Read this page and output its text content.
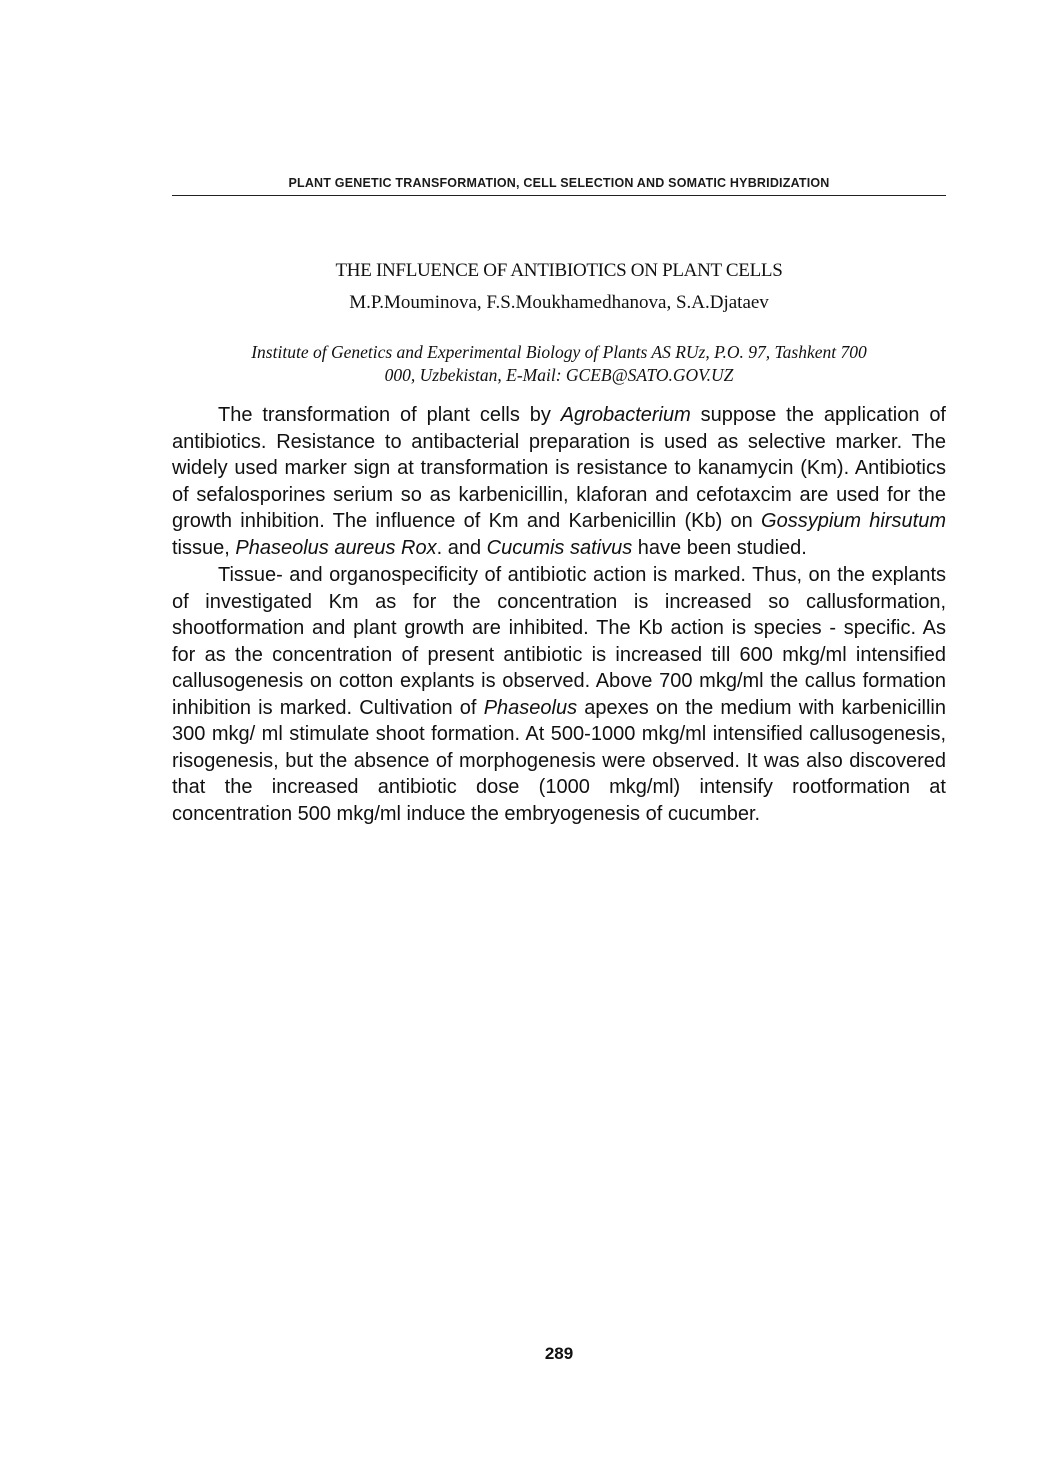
PLANT GENETIC TRANSFORMATION, CELL SELECTION AND SOMATIC HYBRIDIZATION
THE INFLUENCE OF ANTIBIOTICS ON PLANT CELLS
M.P.Mouminova, F.S.Moukhamedhanova, S.A.Djataev
Institute of Genetics and Experimental Biology of Plants AS RUz, P.O. 97, Tashkent 700
000, Uzbekistan, E-Mail: GCEB@SATO.GOV.UZ

The transformation of plant cells by Agrobacterium suppose the application of antibiotics. Resistance to antibacterial preparation is used as selective marker. The widely used marker sign at transformation is resistance to kanamycin (Km). Antibiotics of sefalosporines serium so as karbenicillin, klaforan and cefotaxcim are used for the growth inhibition. The influence of Km and Karbenicillin (Kb) on Gossypium hirsutum tissue, Phaseolus aureus Rox. and Cucumis sativus have been studied.

Tissue- and organospecificity of antibiotic action is marked. Thus, on the explants of investigated Km as for the concentration is increased so callusformation, shootformation and plant growth are inhibited. The Kb action is species - specific. As for as the concentration of present antibiotic is increased till 600 mkg/ml intensified callusogenesis on cotton explants is observed. Above 700 mkg/ml the callus formation inhibition is marked. Cultivation of Phaseolus apexes on the medium with karbenicillin 300 mkg/ ml stimulate shoot formation. At 500-1000 mkg/ml intensified callusogenesis, risogenesis, but the absence of morphogenesis were observed. It was also discovered that the increased antibiotic dose (1000 mkg/ml) intensify rootformation at concentration 500 mkg/ml induce the embryogenesis of cucumber.

289
